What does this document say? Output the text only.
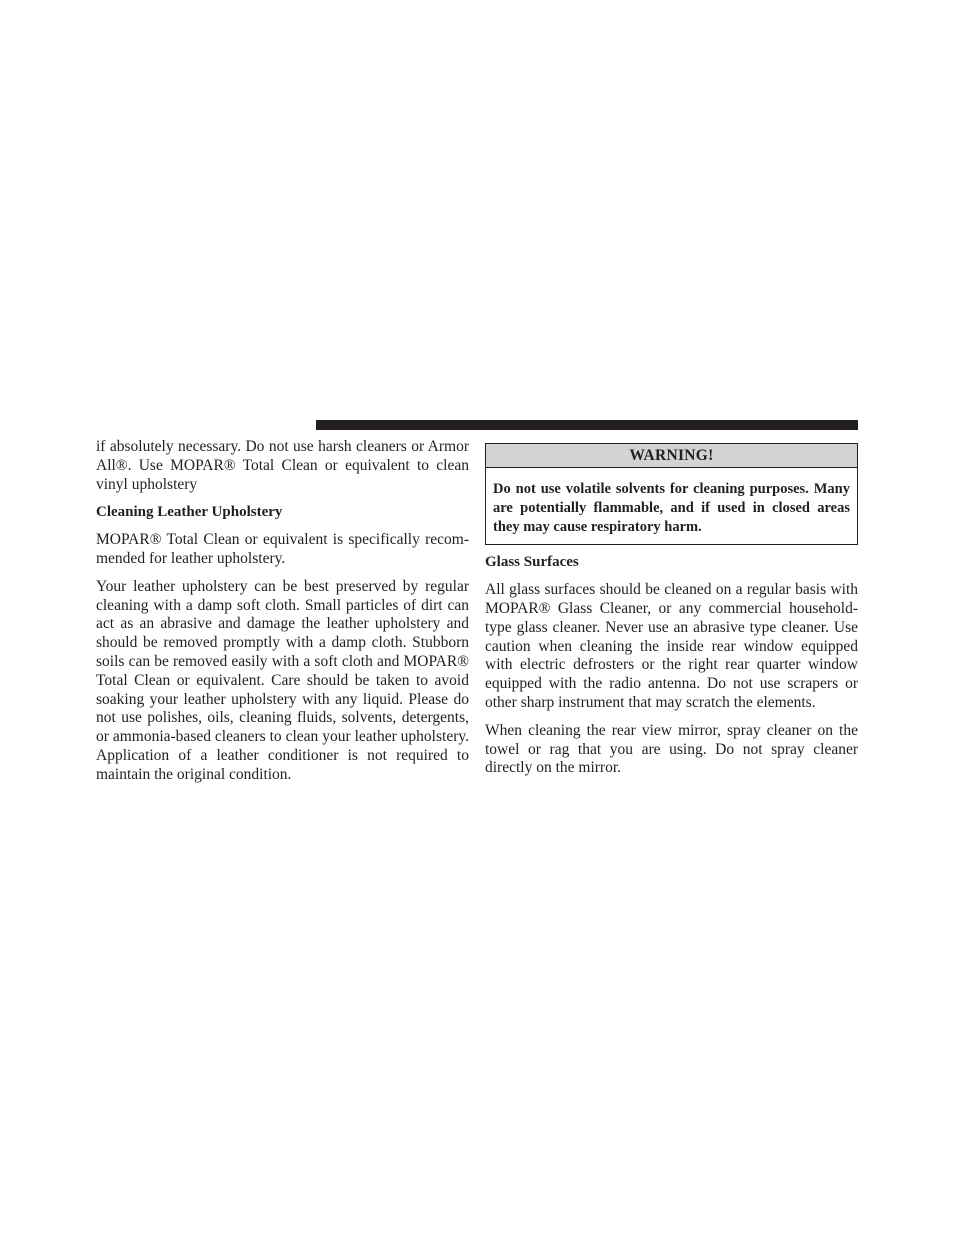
if absolutely necessary. Do not use harsh cleaners or Armor All®. Use MOPAR® Total Clean or equivalent to clean vinyl upholstery

Cleaning Leather Upholstery

MOPAR® Total Clean or equivalent is specifically recommended for leather upholstery.

Your leather upholstery can be best preserved by regular cleaning with a damp soft cloth. Small particles of dirt can act as an abrasive and damage the leather upholstery and should be removed promptly with a damp cloth. Stubborn soils can be removed easily with a soft cloth and MOPAR® Total Clean or equivalent. Care should be taken to avoid soaking your leather upholstery with any liquid. Please do not use polishes, oils, cleaning fluids, solvents, detergents, or ammonia-based cleaners to clean your leather upholstery. Application of a leather conditioner is not required to maintain the original condition.

WARNING!
Do not use volatile solvents for cleaning purposes. Many are potentially flammable, and if used in closed areas they may cause respiratory harm.
Glass Surfaces

All glass surfaces should be cleaned on a regular basis with MOPAR® Glass Cleaner, or any commercial household-type glass cleaner. Never use an abrasive type cleaner. Use caution when cleaning the inside rear window equipped with electric defrosters or the right rear quarter window equipped with the radio antenna. Do not use scrapers or other sharp instrument that may scratch the elements.

When cleaning the rear view mirror, spray cleaner on the towel or rag that you are using. Do not spray cleaner directly on the mirror.
